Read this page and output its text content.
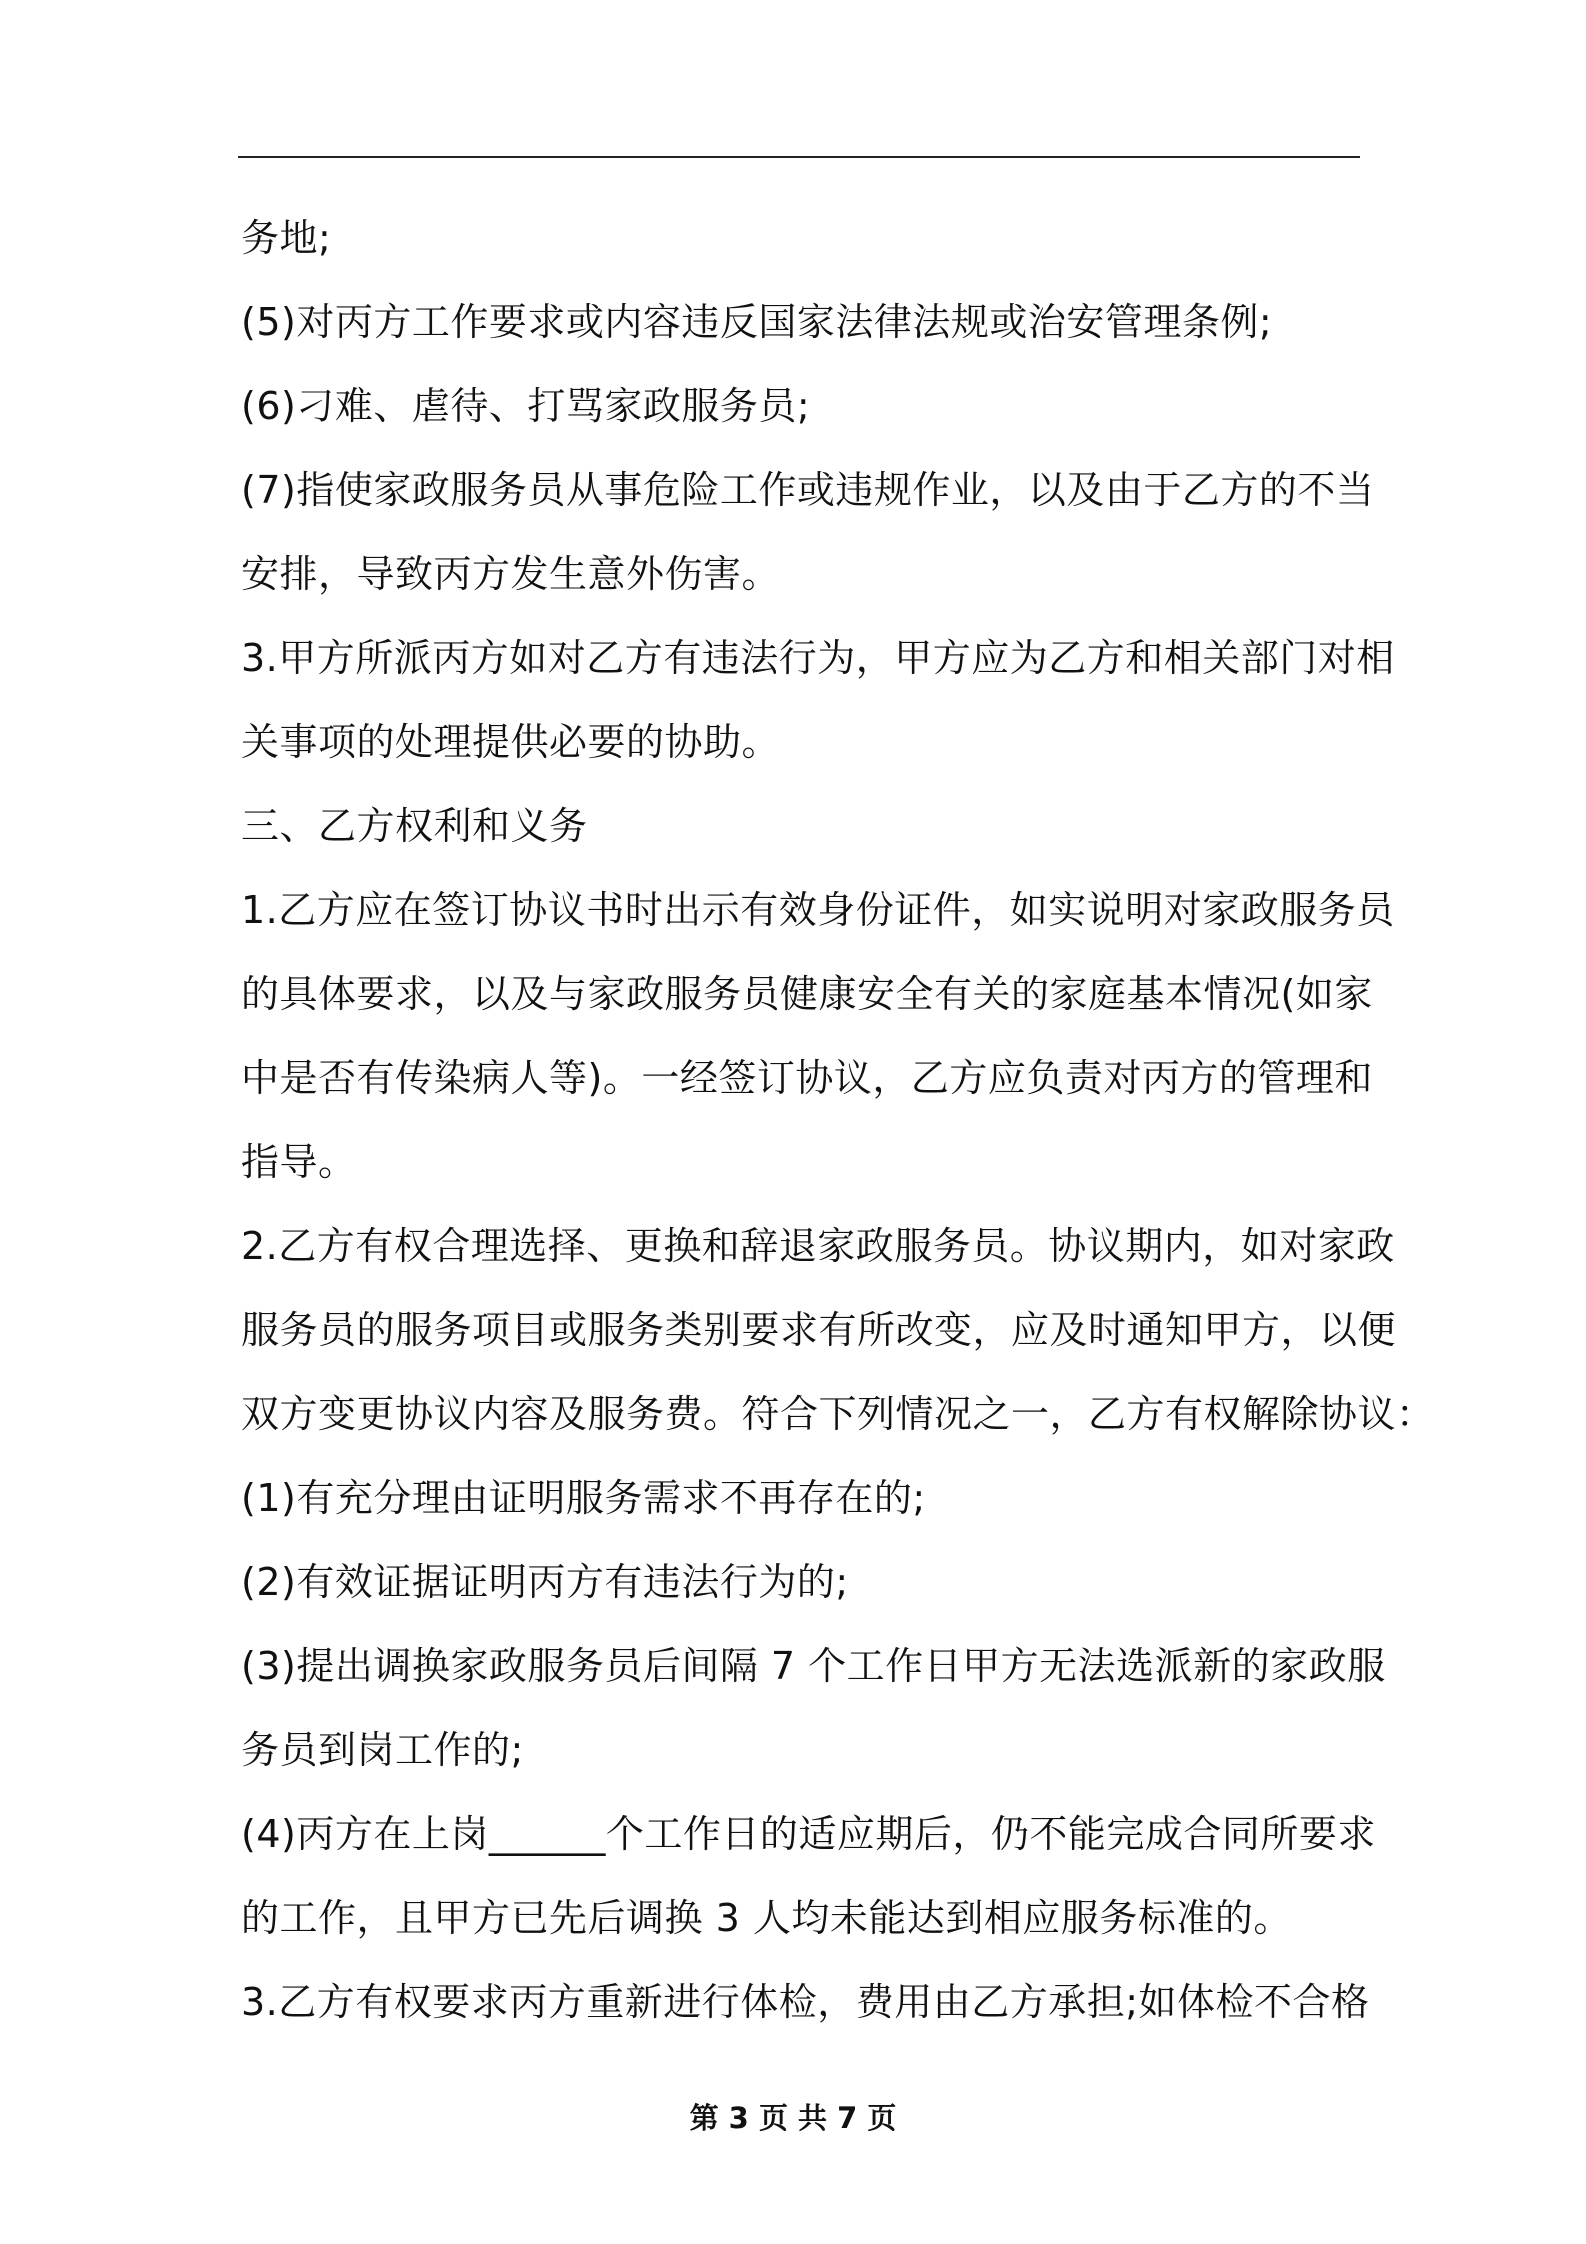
务地;
(5)对丙方工作要求或内容违反国家法律法规或治安管理条例;
(6)刁难、虐待、打骂家政服务员;
(7)指使家政服务员从事危险工作或违规作业，以及由于乙方的不当
安排，导致丙方发生意外伤害。
3.甲方所派丙方如对乙方有违法行为，甲方应为乙方和相关部门对相
关事项的处理提供必要的协助。
三、乙方权利和义务
1.乙方应在签订协议书时出示有效身份证件，如实说明对家政服务员
的具体要求，以及与家政服务员健康安全有关的家庭基本情况(如家
中是否有传染病人等)。一经签订协议，乙方应负责对丙方的管理和
指导。
2.乙方有权合理选择、更换和辞退家政服务员。协议期内，如对家政
服务员的服务项目或服务类别要求有所改变，应及时通知甲方，以便
双方变更协议内容及服务费。符合下列情况之一，乙方有权解除协议：
(1)有充分理由证明服务需求不再存在的;
(2)有效证据证明丙方有违法行为的;
(3)提出调换家政服务员后间隔 7 个工作日甲方无法选派新的家政服
务员到岗工作的;
(4)丙方在上岗______个工作日的适应期后，仍不能完成合同所要求
的工作，且甲方已先后调换 3 人均未能达到相应服务标准的。
3.乙方有权要求丙方重新进行体检，费用由乙方承担;如体检不合格
第 3 页 共 7 页
